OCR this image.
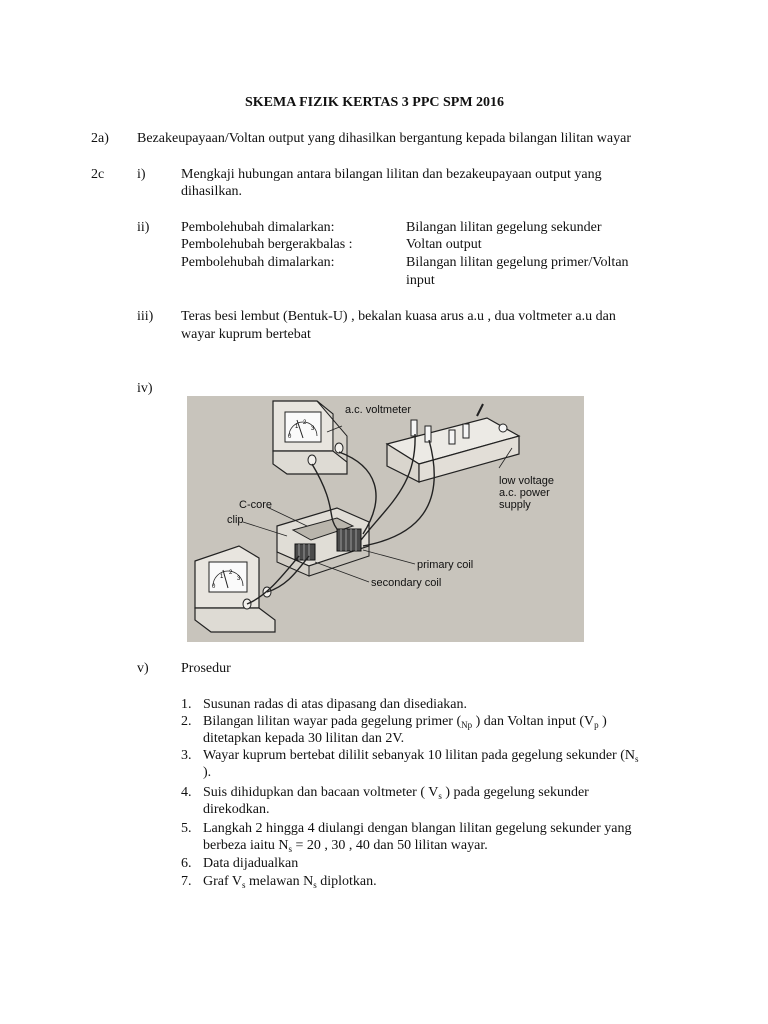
SKEMA FIZIK KERTAS 3 PPC SPM 2016
2a) Bezakeupayaan/Voltan output yang dihasilkan bergantung kepada bilangan lilitan wayar
2c i)	Mengkaji hubungan antara bilangan lilitan dan bezakeupayaan output yang
dihasilkan.
ii) Pembolehubah dimalarkan:	Bilangan lilitan gegelung sekunder
Pembolehubah bergerakbalas :	Voltan output
Pembolehubah dimalarkan:	Bilangan lilitan gegelung primer/Voltan
input
iii) Teras besi lembut (Bentuk-U) , bekalan kuasa arus a.u , dua voltmeter a.u dan
wayar kuprum bertebat
iv)
0
1
2
3
0
1
2
3
a.c. voltmeter
low voltage
a.c. power
supply
C-core
clip
primary coil
secondary coil
v) Prosedur
1. Susunan radas di atas dipasang dan disediakan.
2. Bilangan lilitan wayar pada gegelung primer ($_{Np}$ ) dan Voltan input ($V_p$ )
ditetapkan kepada 30 lilitan dan 2V.
3. Wayar kuprum bertebat dililit sebanyak 10 lilitan pada gegelung sekunder ($N_s$
).
4. Suis dihidupkan dan bacaan voltmeter ( $V_s$ ) pada gegelung sekunder
direkodkan.
5. Langkah 2 hingga 4 diulangi dengan blangan lilitan gegelung sekunder yang
berbeza iaitu $N_s = 20$ , 30 , 40 dan 50 lilitan wayar.
6. Data dijadualkan
7. Graf $V_s$ melawan $N_s$ diplotkan.
